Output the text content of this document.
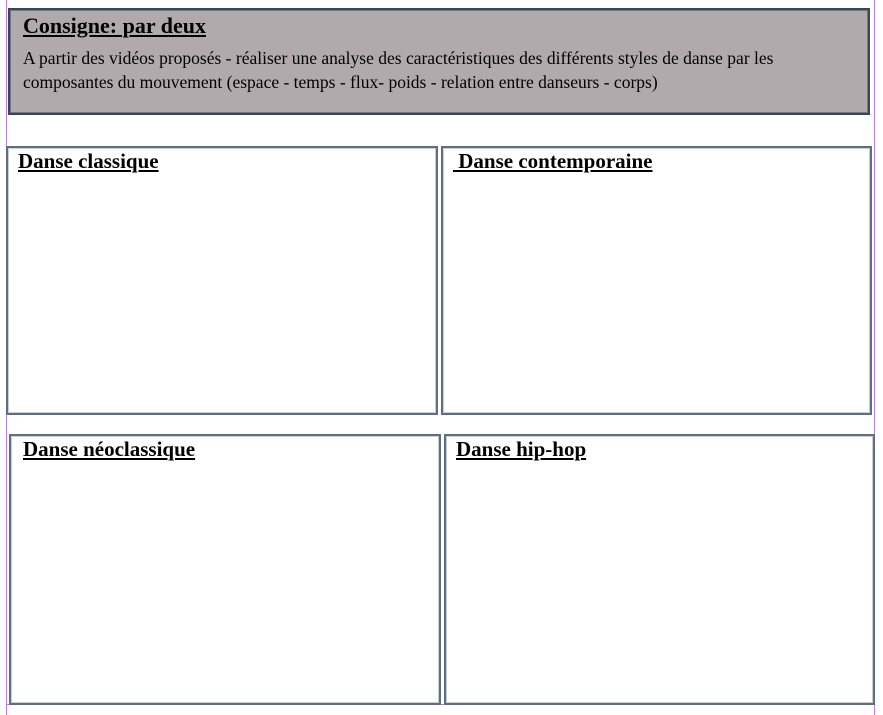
Consigne: par deux

A partir des vidéos proposés - réaliser une analyse des caractéristiques des différents styles de danse par les composantes du mouvement (espace - temps - flux- poids - relation entre danseurs - corps)

Danse classique	Danse contemporaine
Danse néoclassique	Danse hip-hop
